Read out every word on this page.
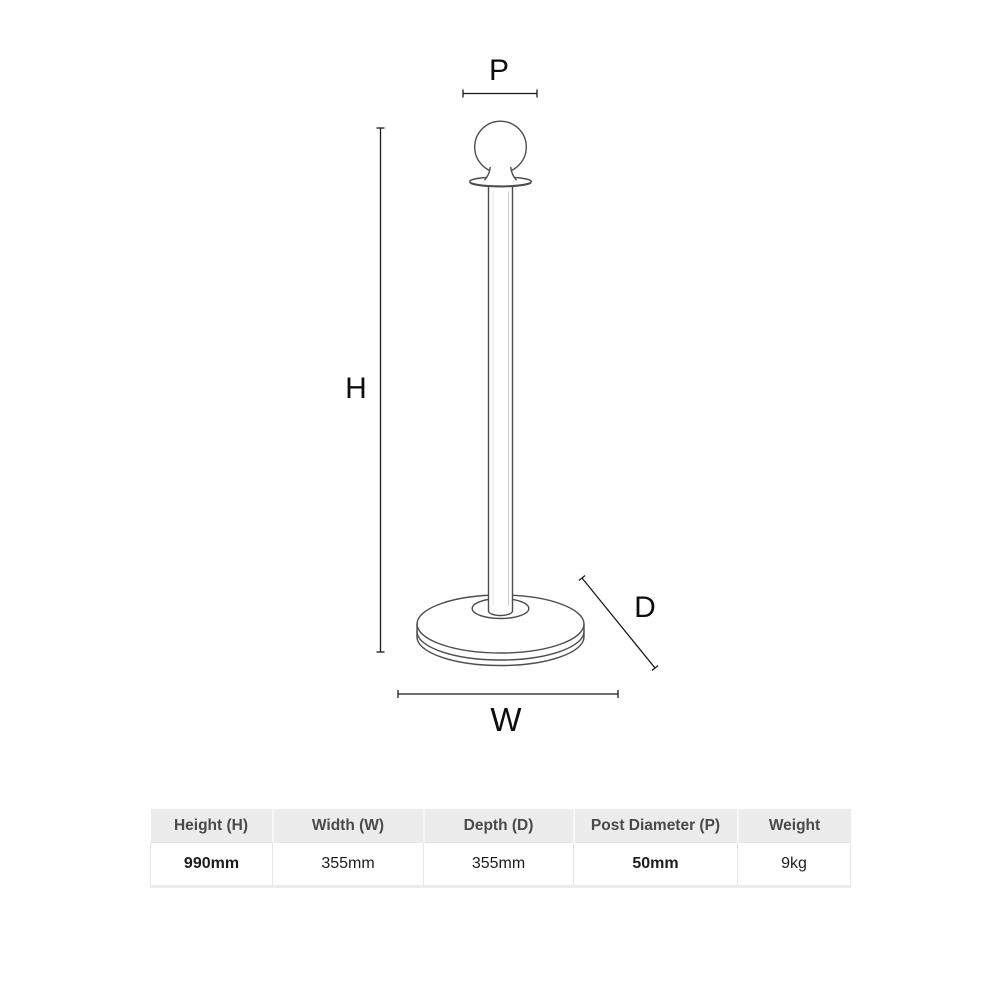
P
H
D
W
Height (H)	Width (W)	Depth (D)	Post Diameter (P)	Weight
990mm	355mm	355mm	50mm	9kg
